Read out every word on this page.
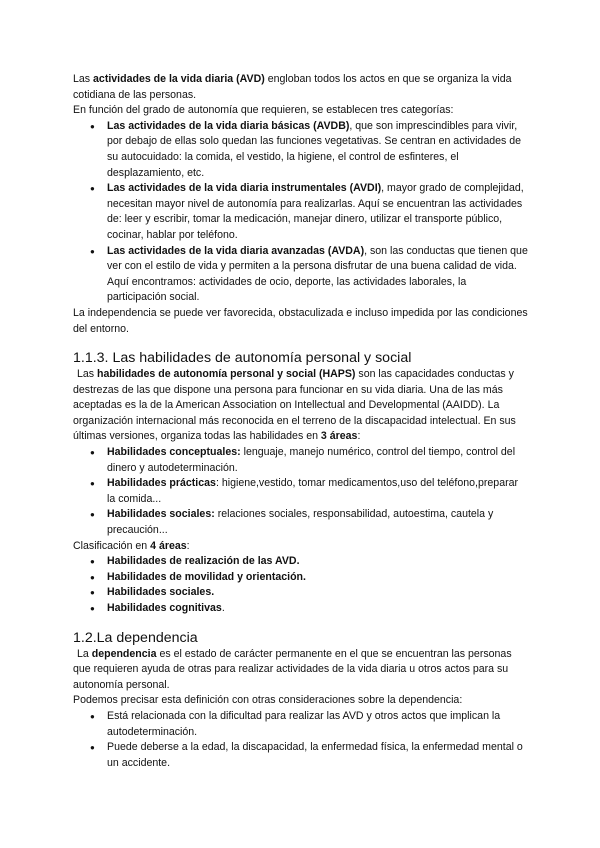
Las actividades de la vida diaria (AVD) engloban todos los actos en que se organiza la vida cotidiana de las personas.

En función del grado de autonomía que requieren, se establecen tres categorías:

● Las actividades de la vida diaria básicas (AVDB), que son imprescindibles para vivir, por debajo de ellas solo quedan las funciones vegetativas. Se centran en actividades de su autocuidado: la comida, el vestido, la higiene, el control de esfinteres, el desplazamiento, etc.
● Las actividades de la vida diaria instrumentales (AVDI), mayor grado de complejidad, necesitan mayor nivel de autonomía para realizarlas. Aquí se encuentran las actividades de: leer y escribir, tomar la medicación, manejar dinero, utilizar el transporte público, cocinar, hablar por teléfono.
● Las actividades de la vida diaria avanzadas (AVDA), son las conductas que tienen que ver con el estilo de vida y permiten a la persona disfrutar de una buena calidad de vida. Aquí encontramos: actividades de ocio, deporte, las actividades laborales, la participación social.

La independencia se puede ver favorecida, obstaculizada e incluso impedida por las condiciones del entorno.

1.1.3. Las habilidades de autonomía personal y social

Las habilidades de autonomía personal y social (HAPS) son las capacidades conductas y destrezas de las que dispone una persona para funcionar en su vida diaria. Una de las más aceptadas es la de la American Association on Intellectual and Developmental (AAIDD). La organización internacional más reconocida en el terreno de la discapacidad intelectual. En sus últimas versiones, organiza todas las habilidades en 3 áreas:

● Habilidades conceptuales: lenguaje, manejo numérico, control del tiempo, control del dinero y autodeterminación.
● Habilidades prácticas: higiene,vestido, tomar medicamentos,uso del teléfono,preparar la comida...
● Habilidades sociales: relaciones sociales, responsabilidad, autoestima, cautela y precaución...

Clasificación en 4 áreas:

● Habilidades de realización de las AVD.
● Habilidades de movilidad y orientación.
● Habilidades sociales.
● Habilidades cognitivas.
1.2.La dependencia

La dependencia es el estado de carácter permanente en el que se encuentran las personas que requieren ayuda de otras para realizar actividades de la vida diaria u otros actos para su autonomía personal.

Podemos precisar esta definición con otras consideraciones sobre la dependencia:

● Está relacionada con la dificultad para realizar las AVD y otros actos que implican la autodeterminación.
● Puede deberse a la edad, la discapacidad, la enfermedad física, la enfermedad mental o un accidente.
